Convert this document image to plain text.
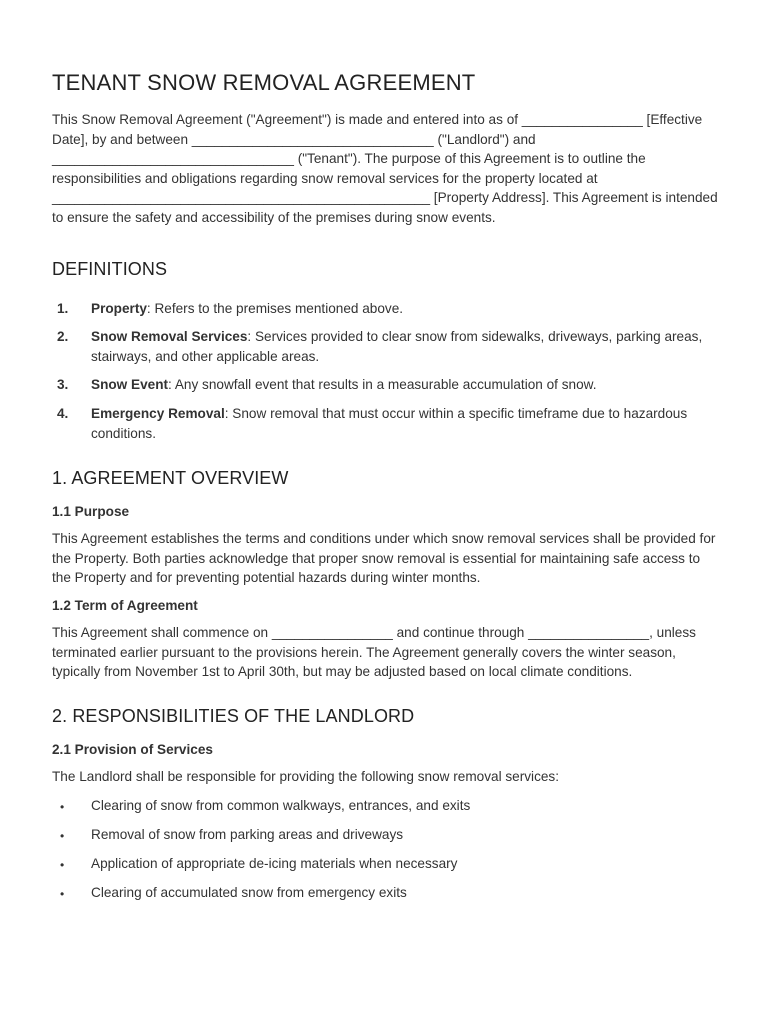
TENANT SNOW REMOVAL AGREEMENT

This Snow Removal Agreement ("Agreement") is made and entered into as of ________________ [Effective Date], by and between ________________________________ ("Landlord") and ________________________________ ("Tenant"). The purpose of this Agreement is to outline the responsibilities and obligations regarding snow removal services for the property located at __________________________________________________ [Property Address]. This Agreement is intended to ensure the safety and accessibility of the premises during snow events.

DEFINITIONS
1. Property: Refers to the premises mentioned above.
2. Snow Removal Services: Services provided to clear snow from sidewalks, driveways, parking areas, stairways, and other applicable areas.
3. Snow Event: Any snowfall event that results in a measurable accumulation of snow.
4. Emergency Removal: Snow removal that must occur within a specific timeframe due to hazardous conditions.
1. AGREEMENT OVERVIEW
1.1 Purpose

This Agreement establishes the terms and conditions under which snow removal services shall be provided for the Property. Both parties acknowledge that proper snow removal is essential for maintaining safe access to the Property and for preventing potential hazards during winter months.

1.2 Term of Agreement

This Agreement shall commence on ________________ and continue through ________________, unless terminated earlier pursuant to the provisions herein. The Agreement generally covers the winter season, typically from November 1st to April 30th, but may be adjusted based on local climate conditions.

2. RESPONSIBILITIES OF THE LANDLORD
2.1 Provision of Services

The Landlord shall be responsible for providing the following snow removal services:

• Clearing of snow from common walkways, entrances, and exits
• Removal of snow from parking areas and driveways
• Application of appropriate de-icing materials when necessary
• Clearing of accumulated snow from emergency exits
